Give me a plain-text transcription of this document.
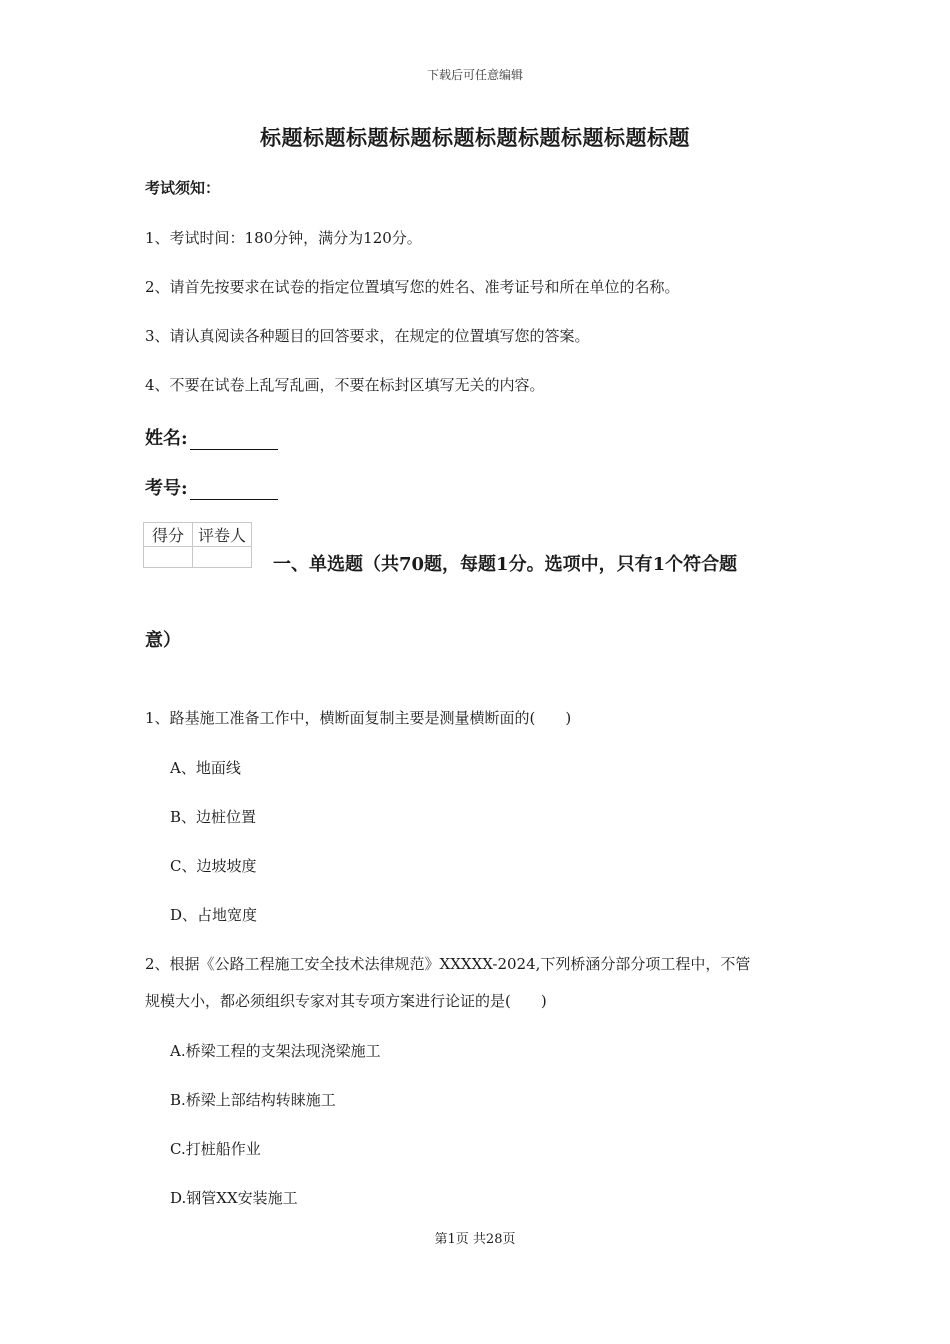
下载后可任意编辑
标题标题标题标题标题标题标题标题标题标题
考试须知：
1、考试时间：180分钟，满分为120分。
2、请首先按要求在试卷的指定位置填写您的姓名、准考证号和所在单位的名称。
3、请认真阅读各种题目的回答要求，在规定的位置填写您的答案。
4、不要在试卷上乱写乱画，不要在标封区填写无关的内容。
姓名:
考号:
得分	评卷人

一、单选题（共70题，每题1分。选项中，只有1个符合题
意）
1、路基施工准备工作中，横断面复制主要是测量横断面的(　　)
A、地面线
B、边桩位置
C、边坡坡度
D、占地宽度
2、根据《公路工程施工安全技术法律规范》XXXXX-2024,下列桥涵分部分项工程中，不管
规模大小，都必须组织专家对其专项方案进行论证的是(　　)
A.桥梁工程的支架法现浇梁施工
B.桥梁上部结构转睐施工
C.打桩船作业
D.钢管XX安装施工
第1页 共28页
